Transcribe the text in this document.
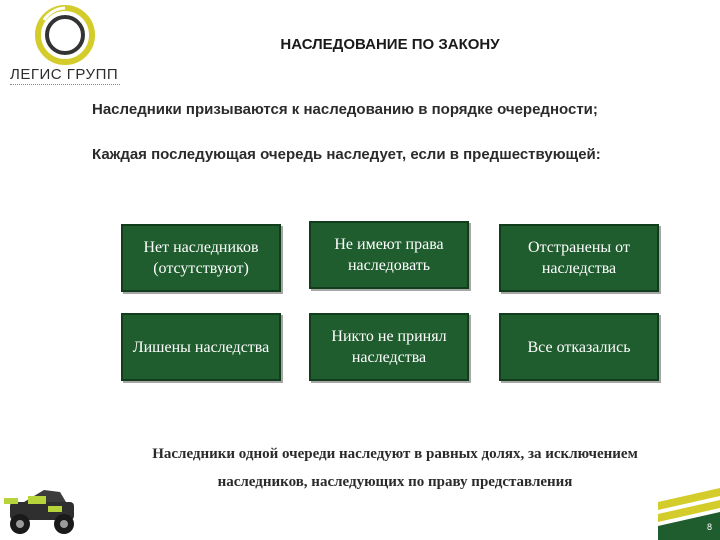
ЛЕГИС ГРУПП
НАСЛЕДОВАНИЕ ПО ЗАКОНУ
Наследники призываются к наследованию в порядке очередности;
Каждая последующая очередь наследует, если в предшествующей:
Нет наследников (отсутствуют)
Не имеют права наследовать
Отстранены от наследства
Лишены наследства
Никто не принял наследства
Все отказались
Наследники одной очереди наследуют в равных долях, за исключением
наследников, наследующих по праву представления
8
